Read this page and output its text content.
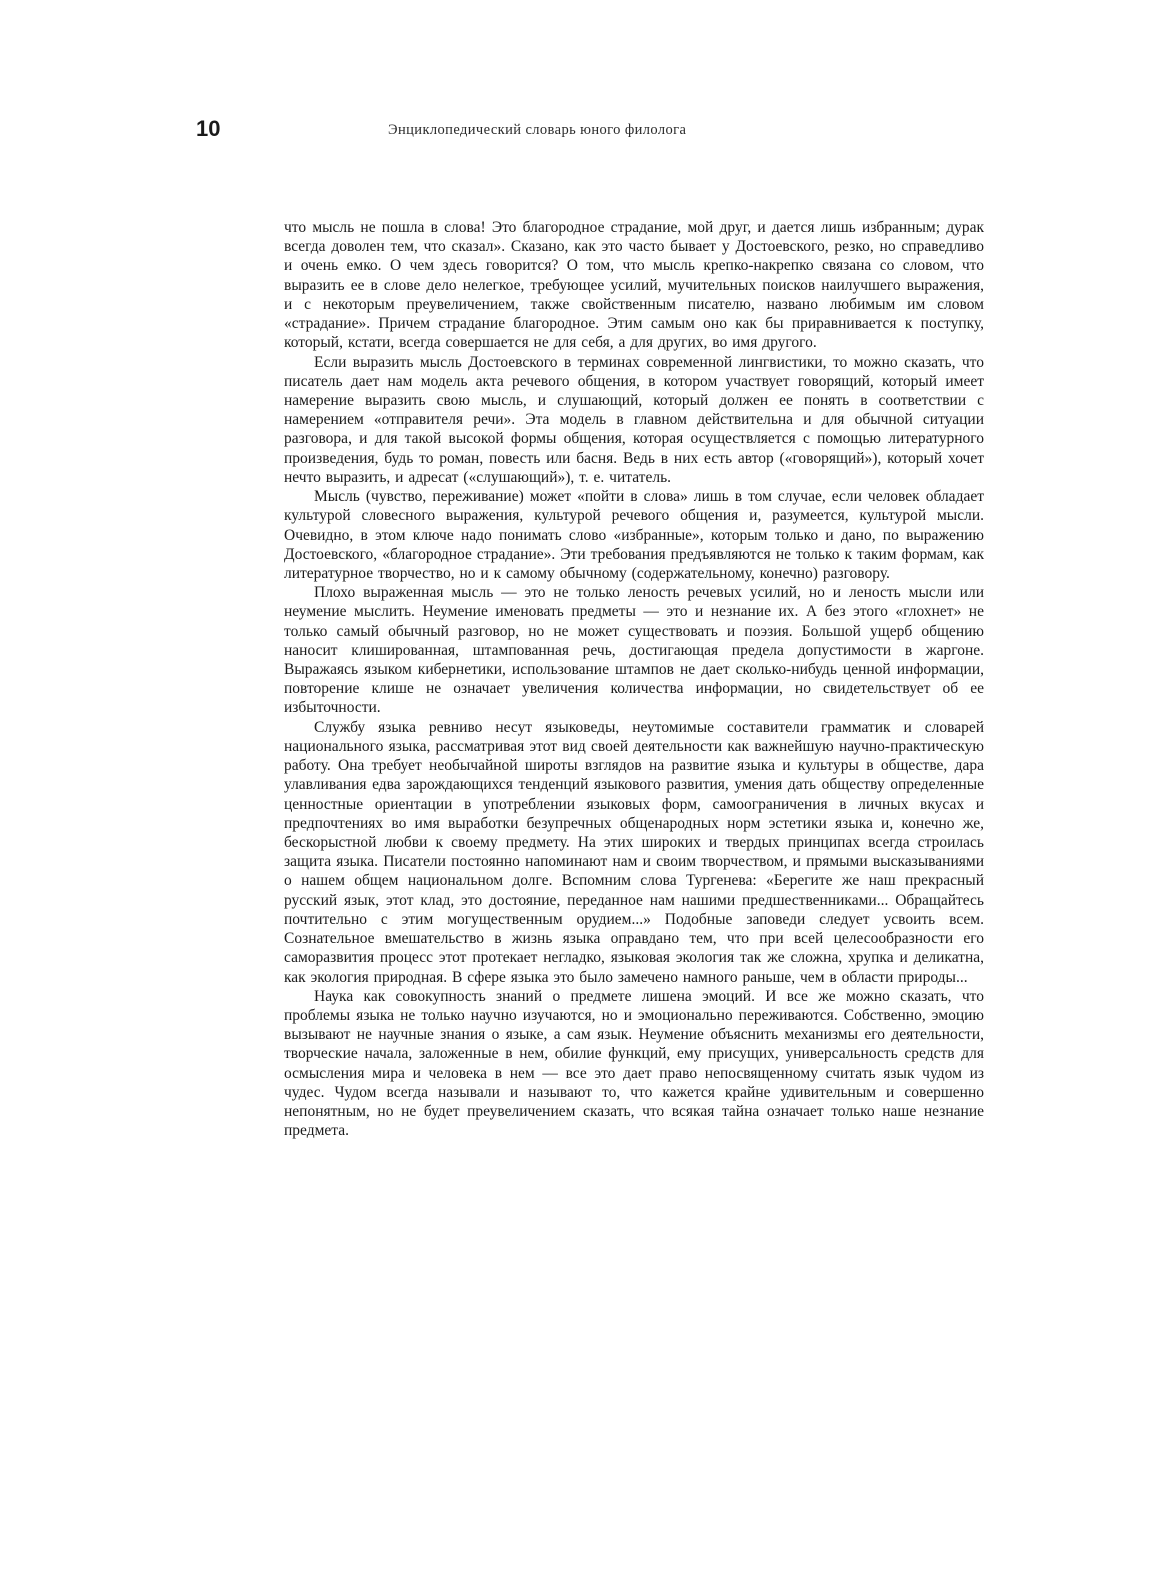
10	Энциклопедический словарь юного филолога

что мысль не пошла в слова! Это благородное страдание, мой друг, и дается лишь избранным; дурак всегда доволен тем, что сказал». Сказано, как это часто бывает у Достоевского, резко, но справедливо и очень емко. О чем здесь говорится? О том, что мысль крепко-накрепко связана со словом, что выразить ее в слове дело нелегкое, требующее усилий, мучительных поисков наилучшего выражения, и с некоторым преувеличением, также свойственным писателю, названо любимым им словом «страдание». Причем страдание благородное. Этим самым оно как бы приравнивается к поступку, который, кстати, всегда совершается не для себя, а для других, во имя другого.

Если выразить мысль Достоевского в терминах современной лингвистики, то можно сказать, что писатель дает нам модель акта речевого общения, в котором участвует говорящий, который имеет намерение выразить свою мысль, и слушающий, который должен ее понять в соответствии с намерением «отправителя речи». Эта модель в главном действительна и для обычной ситуации разговора, и для такой высокой формы общения, которая осуществляется с помощью литературного произведения, будь то роман, повесть или басня. Ведь в них есть автор («говорящий»), который хочет нечто выразить, и адресат («слушающий»), т. е. читатель.

Мысль (чувство, переживание) может «пойти в слова» лишь в том случае, если человек обладает культурой словесного выражения, культурой речевого общения и, разумеется, культурой мысли. Очевидно, в этом ключе надо понимать слово «избранные», которым только и дано, по выражению Достоевского, «благородное страдание». Эти требования предъявляются не только к таким формам, как литературное творчество, но и к самому обычному (содержательному, конечно) разговору.

Плохо выраженная мысль — это не только леность речевых усилий, но и леность мысли или неумение мыслить. Неумение именовать предметы — это и незнание их. А без этого «глохнет» не только самый обычный разговор, но не может существовать и поэзия. Большой ущерб общению наносит клишированная, штампованная речь, достигающая предела допустимости в жаргоне. Выражаясь языком кибернетики, использование штампов не дает сколько-нибудь ценной информации, повторение клише не означает увеличения количества информации, но свидетельствует об ее избыточности.

Службу языка ревниво несут языковеды, неутомимые составители грамматик и словарей национального языка, рассматривая этот вид своей деятельности как важнейшую научно-практическую работу. Она требует необычайной широты взглядов на развитие языка и культуры в обществе, дара улавливания едва зарождающихся тенденций языкового развития, умения дать обществу определенные ценностные ориентации в употреблении языковых форм, самоограничения в личных вкусах и предпочтениях во имя выработки безупречных общенародных норм эстетики языка и, конечно же, бескорыстной любви к своему предмету. На этих широких и твердых принципах всегда строилась защита языка. Писатели постоянно напоминают нам и своим творчеством, и прямыми высказываниями о нашем общем национальном долге. Вспомним слова Тургенева: «Берегите же наш прекрасный русский язык, этот клад, это достояние, переданное нам нашими предшественниками... Обращайтесь почтительно с этим могущественным орудием...» Подобные заповеди следует усвоить всем. Сознательное вмешательство в жизнь языка оправдано тем, что при всей целесообразности его саморазвития процесс этот протекает негладко, языковая экология так же сложна, хрупка и деликатна, как экология природная. В сфере языка это было замечено намного раньше, чем в области природы...

Наука как совокупность знаний о предмете лишена эмоций. И все же можно сказать, что проблемы языка не только научно изучаются, но и эмоционально переживаются. Собственно, эмоцию вызывают не научные знания о языке, а сам язык. Неумение объяснить механизмы его деятельности, творческие начала, заложенные в нем, обилие функций, ему присущих, универсальность средств для осмысления мира и человека в нем — все это дает право непосвященному считать язык чудом из чудес. Чудом всегда называли и называют то, что кажется крайне удивительным и совершенно непонятным, но не будет преувеличением сказать, что всякая тайна означает только наше незнание предмета.
